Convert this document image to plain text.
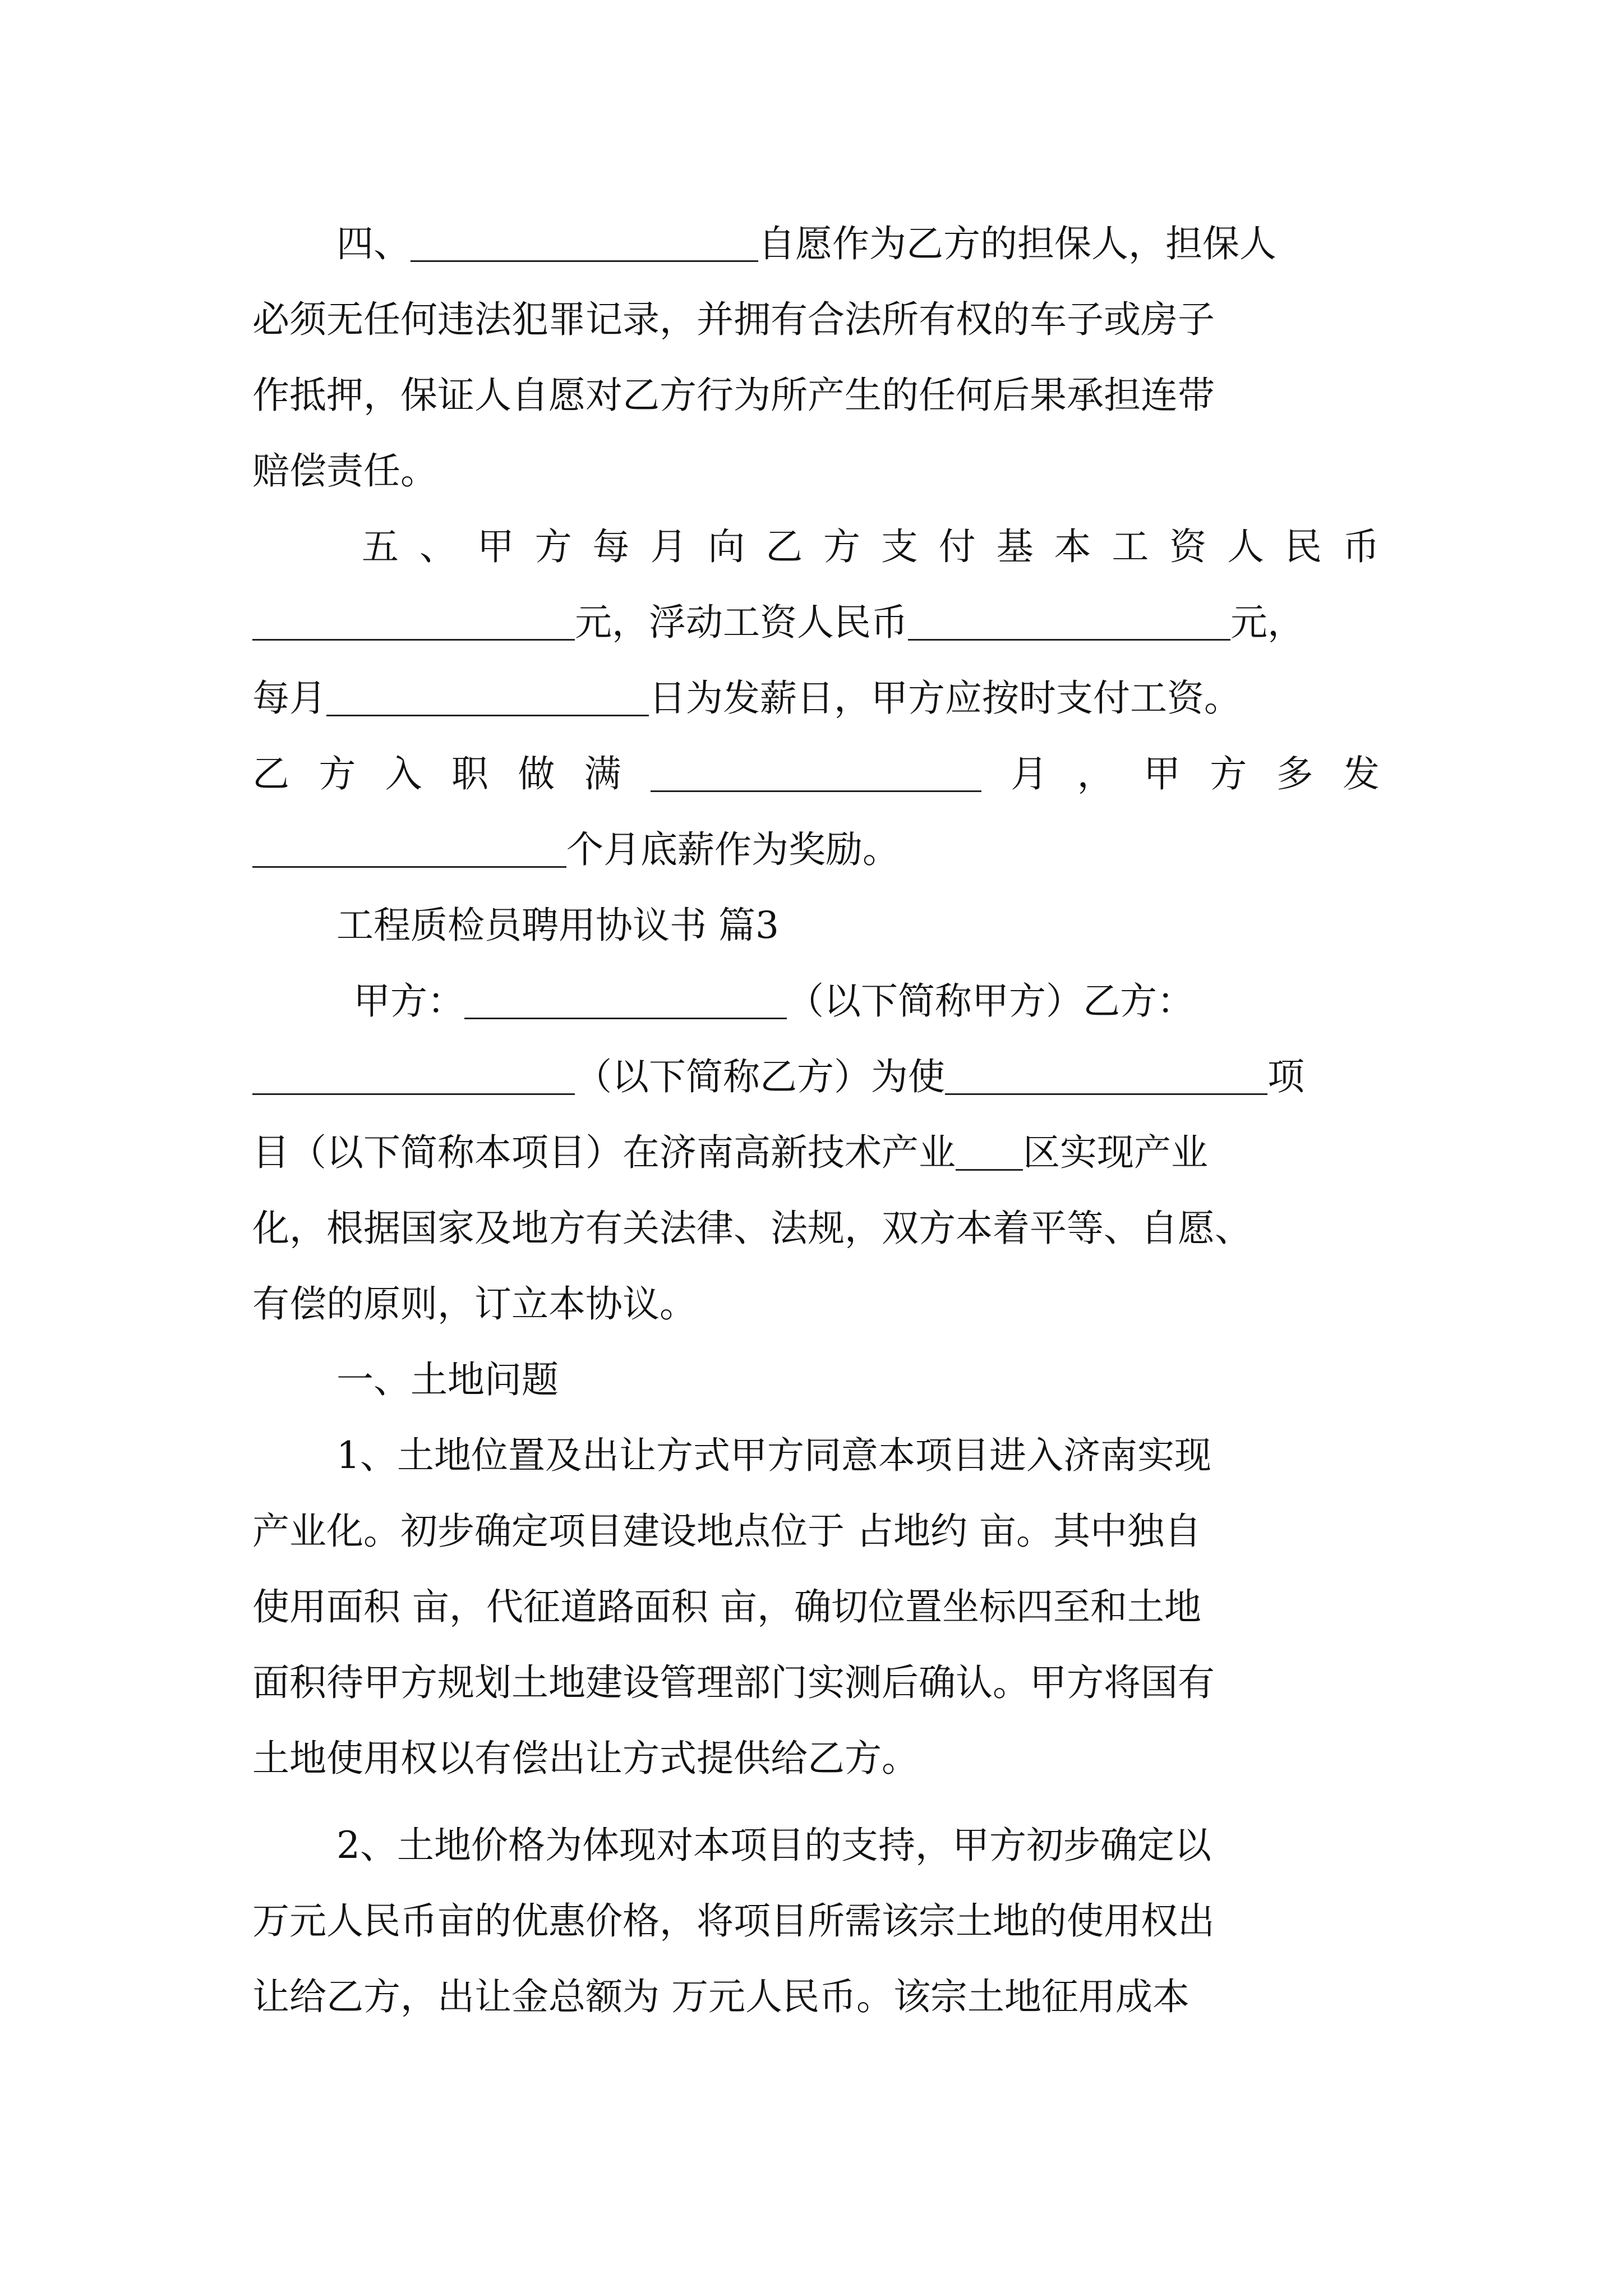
四、	自愿作为乙方的担保人，担保人
必须无任何违法犯罪记录，并拥有合法所有权的车子或房子
作抵押，保证人自愿对乙方行为所产生的任何后果承担连带
赔偿责任。
五 、 甲 方 每 月 向 乙 方 支 付 基 本 工 资 人 民 币
元，浮动工资人民币	元，
每月	日为发薪日，甲方应按时支付工资。
乙 方 入 职 做 满	月 ， 甲 方 多 发
个月底薪作为奖励。
工程质检员聘用协议书 篇3
甲方：	（以下简称甲方）乙方：
（以下简称乙方）为使	项
目（以下简称本项目）在济南高新技术产业 区实现产业
化，根据国家及地方有关法律、法规，双方本着平等、自愿、
有偿的原则，订立本协议。
一、土地问题
1、土地位置及出让方式甲方同意本项目进入济南实现
产业化。初步确定项目建设地点位于 占地约 亩。其中独自
使用面积 亩，代征道路面积 亩，确切位置坐标四至和土地
面积待甲方规划土地建设管理部门实测后确认。甲方将国有
土地使用权以有偿出让方式提供给乙方。
2、土地价格为体现对本项目的支持，甲方初步确定以
万元人民币亩的优惠价格，将项目所需该宗土地的使用权出
让给乙方，出让金总额为 万元人民币。该宗土地征用成本
